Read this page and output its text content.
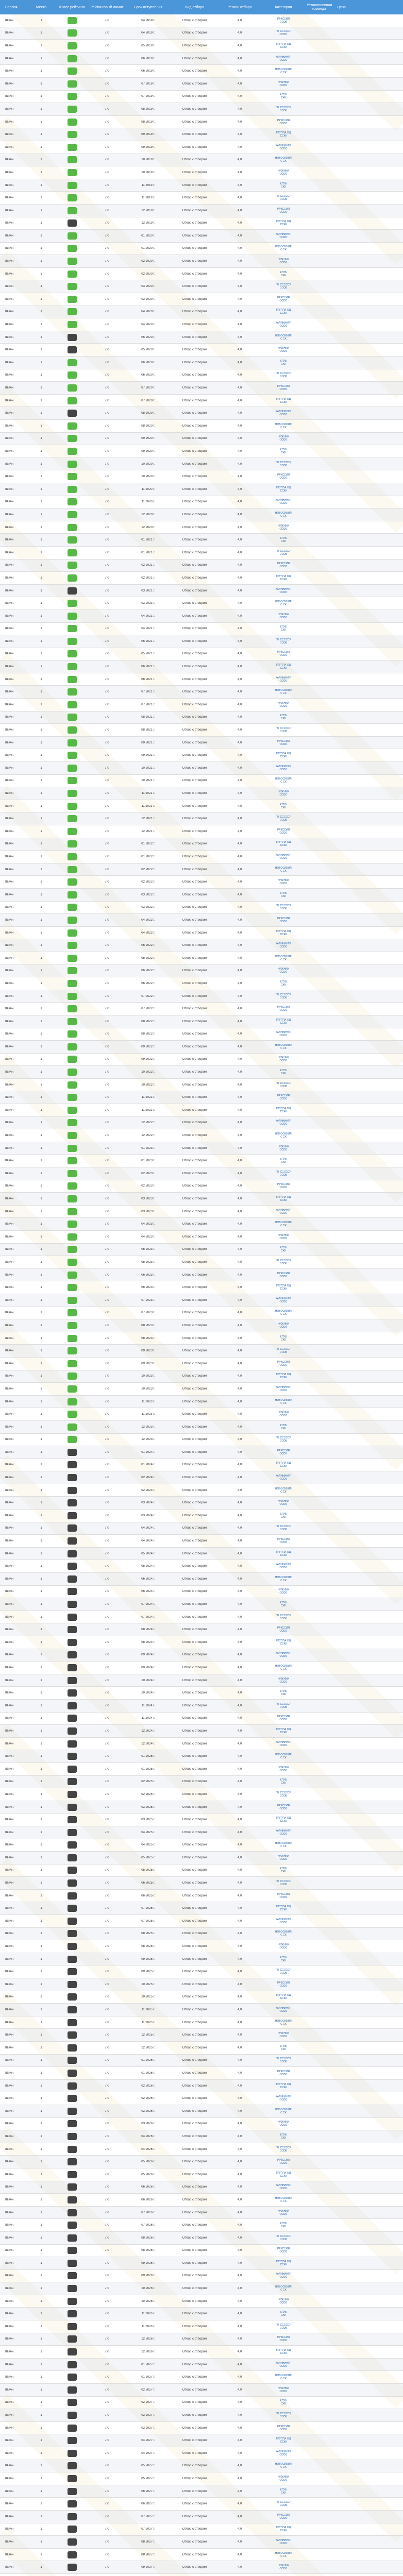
Версия	Место	Класс рейтинга	Рейтинговый лимит	Срок вступления	Вид отбора	Регион отбора	Категория	Установленная команда	Цена
8вячн	1	7,0	04.2019 г.	Отбор с отбором	4,0	РРКССИЯ
ССОБ
8вячн	1	7,0	04.2019 г.	Отбор с отбором	4,0	ГЛ. СССССР
ССОО
8вячн	1	7,0	05.2019 г.	Отбор с отбором	4,0	ГРУППА ОЦ
ССКК
8вячн	1	7,0	06.2019 г.	Отбор с отбором	4,0	КАЛИНИНГР.
ССОО
8вячн	1	7,0	06.2019 г.	Отбор с отбором	4,0	НОВОСИБИР.
С СК
8вячн	1	7,0	07.2019 г.	Отбор с отбором	4,0	НИЖНИЙ
ССОО
8вячн	1	7,0	07.2019 г.	Отбор с отбором	4,0	КЛУБ
СКК
8вячн	1	7,0	08.2019 г.	Отбор с отбором	4,0	ГЛ. СССССР
ССОБ
8вячн	1	7,0	08.2019 г.	Отбор с отбором	4,0	РРКССИЯ
ССОО
8вячн	1	7,0	09.2019 г.	Отбор с отбором	4,0	ГРУППА ОЦ
ССКК
8вячн	1	7,0	09.2019 г.	Отбор с отбором	4,0	КАЛИНИНГР.
ССОО
8вячн	1	7,0	10.2019 г.	Отбор с отбором	4,0	НОВОСИБИР.
С СК
8вячн	1	7,0	10.2019 г.	Отбор с отбором	4,0	НИЖНИЙ
ССОО
8вячн	1	7,0	11.2019 г.	Отбор с отбором	4,0	КЛУБ
СКК
8вячн	1	7,0	11.2019 г.	Отбор с отбором	4,0	ГЛ. СССССР
ССОБ
8вячн	1	7,0	12.2019 г.	Отбор с отбором	4,0	РРКССИЯ
ССОО
8вячн	1	7,0	12.2019 г.	Отбор с отбором	4,0	ГРУППА ОЦ
ССКК
8вячн	1	7,0	01.2020 г.	Отбор с отбором	4,0	КАЛИНИНГР.
ССОО
8вячн	1	7,0	01.2020 г.	Отбор с отбором	4,0	НОВОСИБИР.
С СК
8вячн	1	7,0	02.2020 г.	Отбор с отбором	4,0	НИЖНИЙ
ССОО
8вячн	1	7,0	02.2020 г.	Отбор с отбором	4,0	КЛУБ
СКК
8вячн	1	7,0	03.2020 г.	Отбор с отбором	4,0	ГЛ. СССССР
ССОБ
8вячн	1	7,0	03.2020 г.	Отбор с отбором	4,0	РРКССИЯ
ССОО
8вячн	1	7,0	04.2020 г.	Отбор с отбором	4,0	ГРУППА ОЦ
ССКК
8вячн	1	7,0	04.2020 г.	Отбор с отбором	4,0	КАЛИНИНГР.
ССОО
8вячн	1	7,0	05.2020 г.	Отбор с отбором	4,0	НОВОСИБИР.
С СК
8вячн	1	7,0	05.2020 г.	Отбор с отбором	4,0	НИЖНИЙ
ССОО
8вячн	1	7,0	06.2020 г.	Отбор с отбором	4,0	КЛУБ
СКК
8вячн	1	7,0	06.2020 г.	Отбор с отбором	4,0	ГЛ. СССССР
ССОБ
8вячн	1	7,0	07.2020 г.	Отбор с отбором	4,0	РРКССИЯ
ССОО
8вячн	1	7,0	07.2020 г.	Отбор с отбором	4,0	ГРУППА ОЦ
ССКК
8вячн	1	7,0	08.2020 г.	Отбор с отбором	4,0	КАЛИНИНГР.
ССОО
8вячн	1	7,0	08.2020 г.	Отбор с отбором	4,0	НОВОСИБИР.
С СК
8вячн	1	7,0	09.2020 г.	Отбор с отбором	4,0	НИЖНИЙ
ССОО
8вячн	1	7,0	09.2020 г.	Отбор с отбором	4,0	КЛУБ
СКК
8вячн	1	7,0	10.2020 г.	Отбор с отбором	4,0	ГЛ. СССССР
ССОБ
8вячн	1	7,0	10.2020 г.	Отбор с отбором	4,0	РРКССИЯ
ССОО
8вячн	1	7,0	11.2020 г.	Отбор с отбором	4,0	ГРУППА ОЦ
ССКК
8вячн	1	7,0	11.2020 г.	Отбор с отбором	4,0	КАЛИНИНГР.
ССОО
8вячн	1	7,0	12.2020 г.	Отбор с отбором	4,0	НОВОСИБИР.
С СК
8вячн	1	7,0	12.2020 г.	Отбор с отбором	4,0	НИЖНИЙ
ССОО
8вячн	1	7,0	01.2021 г.	Отбор с отбором	4,0	КЛУБ
СКК
8вячн	1	7,0	01.2021 г.	Отбор с отбором	4,0	ГЛ. СССССР
ССОБ
8вячн	1	7,0	02.2021 г.	Отбор с отбором	4,0	РРКССИЯ
ССОО
8вячн	1	7,0	02.2021 г.	Отбор с отбором	4,0	ГРУППА ОЦ
ССКК
8вячн	1	7,0	03.2021 г.	Отбор с отбором	4,0	КАЛИНИНГР.
ССОО
8вячн	1	7,0	03.2021 г.	Отбор с отбором	4,0	НОВОСИБИР.
С СК
8вячн	1	7,0	04.2021 г.	Отбор с отбором	4,0	НИЖНИЙ
ССОО
8вячн	1	7,0	04.2021 г.	Отбор с отбором	4,0	КЛУБ
СКК
8вячн	1	7,0	05.2021 г.	Отбор с отбором	4,0	ГЛ. СССССР
ССОБ
8вячн	1	7,0	05.2021 г.	Отбор с отбором	4,0	РРКССИЯ
ССОО
8вячн	1	7,0	06.2021 г.	Отбор с отбором	4,0	ГРУППА ОЦ
ССКК
8вячн	1	7,0	06.2021 г.	Отбор с отбором	4,0	КАЛИНИНГР.
ССОО
8вячн	1	7,0	07.2021 г.	Отбор с отбором	4,0	НОВОСИБИР.
С СК
8вячн	1	7,0	07.2021 г.	Отбор с отбором	4,0	НИЖНИЙ
ССОО
8вячн	1	7,0	08.2021 г.	Отбор с отбором	4,0	КЛУБ
СКК
8вячн	1	7,0	08.2021 г.	Отбор с отбором	4,0	ГЛ. СССССР
ССОБ
8вячн	1	7,0	09.2021 г.	Отбор с отбором	4,0	РРКССИЯ
ССОО
8вячн	1	7,0	09.2021 г.	Отбор с отбором	4,0	ГРУППА ОЦ
ССКК
8вячн	1	7,0	10.2021 г.	Отбор с отбором	4,0	КАЛИНИНГР.
ССОО
8вячн	1	7,0	10.2021 г.	Отбор с отбором	4,0	НОВОСИБИР.
С СК
8вячн	1	7,0	11.2021 г.	Отбор с отбором	4,0	НИЖНИЙ
ССОО
8вячн	1	7,0	11.2021 г.	Отбор с отбором	4,0	КЛУБ
СКК
8вячн	1	7,0	12.2021 г.	Отбор с отбором	4,0	ГЛ. СССССР
ССОБ
8вячн	1	7,0	12.2021 г.	Отбор с отбором	4,0	РРКССИЯ
ССОО
8вячн	1	7,0	01.2022 г.	Отбор с отбором	4,0	ГРУППА ОЦ
ССКК
8вячн	1	7,0	01.2022 г.	Отбор с отбором	4,0	КАЛИНИНГР.
ССОО
8вячн	1	7,0	02.2022 г.	Отбор с отбором	4,0	НОВОСИБИР.
С СК
8вячн	1	7,0	02.2022 г.	Отбор с отбором	4,0	НИЖНИЙ
ССОО
8вячн	1	7,0	03.2022 г.	Отбор с отбором	4,0	КЛУБ
СКК
8вячн	1	7,0	03.2022 г.	Отбор с отбором	4,0	ГЛ. СССССР
ССОБ
8вячн	1	7,0	04.2022 г.	Отбор с отбором	4,0	РРКССИЯ
ССОО
8вячн	1	7,0	04.2022 г.	Отбор с отбором	4,0	ГРУППА ОЦ
ССКК
8вячн	1	7,0	05.2022 г.	Отбор с отбором	4,0	КАЛИНИНГР.
ССОО
8вячн	1	7,0	05.2022 г.	Отбор с отбором	4,0	НОВОСИБИР.
С СК
8вячн	1	7,0	06.2022 г.	Отбор с отбором	4,0	НИЖНИЙ
ССОО
8вячн	1	7,0	06.2022 г.	Отбор с отбором	4,0	КЛУБ
СКК
8вячн	1	7,0	07.2022 г.	Отбор с отбором	4,0	ГЛ. СССССР
ССОБ
8вячн	1	7,0	07.2022 г.	Отбор с отбором	4,0	РРКССИЯ
ССОО
8вячн	1	7,0	08.2022 г.	Отбор с отбором	4,0	ГРУППА ОЦ
ССКК
8вячн	1	7,0	08.2022 г.	Отбор с отбором	4,0	КАЛИНИНГР.
ССОО
8вячн	1	7,0	09.2022 г.	Отбор с отбором	4,0	НОВОСИБИР.
С СК
8вячн	1	7,0	09.2022 г.	Отбор с отбором	4,0	НИЖНИЙ
ССОО
8вячн	1	7,0	10.2022 г.	Отбор с отбором	4,0	КЛУБ
СКК
8вячн	1	7,0	10.2022 г.	Отбор с отбором	4,0	ГЛ. СССССР
ССОБ
8вячн	1	7,0	11.2022 г.	Отбор с отбором	4,0	РРКССИЯ
ССОО
8вячн	1	7,0	11.2022 г.	Отбор с отбором	4,0	ГРУППА ОЦ
ССКК
8вячн	1	7,0	12.2022 г.	Отбор с отбором	4,0	КАЛИНИНГР.
ССОО
8вячн	1	7,0	12.2022 г.	Отбор с отбором	4,0	НОВОСИБИР.
С СК
8вячн	1	7,0	01.2023 г.	Отбор с отбором	4,0	НИЖНИЙ
ССОО
8вячн	1	7,0	01.2023 г.	Отбор с отбором	4,0	КЛУБ
СКК
8вячн	1	7,0	02.2023 г.	Отбор с отбором	4,0	ГЛ. СССССР
ССОБ
8вячн	1	7,0	02.2023 г.	Отбор с отбором	4,0	РРКССИЯ
ССОО
8вячн	1	7,0	03.2023 г.	Отбор с отбором	4,0	ГРУППА ОЦ
ССКК
8вячн	1	7,0	03.2023 г.	Отбор с отбором	4,0	КАЛИНИНГР.
ССОО
8вячн	1	7,0	04.2023 г.	Отбор с отбором	4,0	НОВОСИБИР.
С СК
8вячн	1	7,0	04.2023 г.	Отбор с отбором	4,0	НИЖНИЙ
ССОО
8вячн	1	7,0	05.2023 г.	Отбор с отбором	4,0	КЛУБ
СКК
8вячн	1	7,0	05.2023 г.	Отбор с отбором	4,0	ГЛ. СССССР
ССОБ
8вячн	1	7,0	06.2023 г.	Отбор с отбором	4,0	РРКССИЯ
ССОО
8вячн	1	7,0	06.2023 г.	Отбор с отбором	4,0	ГРУППА ОЦ
ССКК
8вячн	1	7,0	07.2023 г.	Отбор с отбором	4,0	КАЛИНИНГР.
ССОО
8вячн	1	7,0	07.2023 г.	Отбор с отбором	4,0	НОВОСИБИР.
С СК
8вячн	1	7,0	08.2023 г.	Отбор с отбором	4,0	НИЖНИЙ
ССОО
8вячн	1	7,0	08.2023 г.	Отбор с отбором	4,0	КЛУБ
СКК
8вячн	1	7,0	09.2023 г.	Отбор с отбором	4,0	ГЛ. СССССР
ССОБ
8вячн	1	7,0	09.2023 г.	Отбор с отбором	4,0	РРКССИЯ
ССОО
8вячн	1	7,0	10.2023 г.	Отбор с отбором	4,0	ГРУППА ОЦ
ССКК
8вячн	1	7,0	10.2023 г.	Отбор с отбором	4,0	КАЛИНИНГР.
ССОО
8вячн	1	7,0	11.2023 г.	Отбор с отбором	4,0	НОВОСИБИР.
С СК
8вячн	1	7,0	11.2023 г.	Отбор с отбором	4,0	НИЖНИЙ
ССОО
8вячн	1	7,0	12.2023 г.	Отбор с отбором	4,0	КЛУБ
СКК
8вячн	1	7,0	12.2023 г.	Отбор с отбором	4,0	ГЛ. СССССР
ССОБ
8вячн	1	7,0	01.2024 г.	Отбор с отбором	4,0	РРКССИЯ
ССОО
8вячн	1	7,0	01.2024 г.	Отбор с отбором	4,0	ГРУППА ОЦ
ССКК
8вячн	1	7,0	02.2024 г.	Отбор с отбором	4,0	КАЛИНИНГР.
ССОО
8вячн	1	7,0	02.2024 г.	Отбор с отбором	4,0	НОВОСИБИР.
С СК
8вячн	1	7,0	03.2024 г.	Отбор с отбором	4,0	НИЖНИЙ
ССОО
8вячн	1	7,0	03.2024 г.	Отбор с отбором	4,0	КЛУБ
СКК
8вячн	1	7,0	04.2024 г.	Отбор с отбором	4,0	ГЛ. СССССР
ССОБ
8вячн	1	7,0	04.2024 г.	Отбор с отбором	4,0	РРКССИЯ
ССОО
8вячн	1	7,0	05.2024 г.	Отбор с отбором	4,0	ГРУППА ОЦ
ССКК
8вячн	1	7,0	05.2024 г.	Отбор с отбором	4,0	КАЛИНИНГР.
ССОО
8вячн	1	7,0	06.2024 г.	Отбор с отбором	4,0	НОВОСИБИР.
С СК
8вячн	1	7,0	06.2024 г.	Отбор с отбором	4,0	НИЖНИЙ
ССОО
8вячн	1	7,0	07.2024 г.	Отбор с отбором	4,0	КЛУБ
СКК
8вячн	1	7,0	07.2024 г.	Отбор с отбором	4,0	ГЛ. СССССР
ССОБ
8вячн	1	7,0	08.2024 г.	Отбор с отбором	4,0	РРКССИЯ
ССОО
8вячн	1	7,0	08.2024 г.	Отбор с отбором	4,0	ГРУППА ОЦ
ССКК
8вячн	1	7,0	09.2024 г.	Отбор с отбором	4,0	КАЛИНИНГР.
ССОО
8вячн	1	7,0	09.2024 г.	Отбор с отбором	4,0	НОВОСИБИР.
С СК
8вячн	1	7,0	10.2024 г.	Отбор с отбором	4,0	НИЖНИЙ
ССОО
8вячн	1	7,0	10.2024 г.	Отбор с отбором	4,0	КЛУБ
СКК
8вячн	1	7,0	11.2024 г.	Отбор с отбором	4,0	ГЛ. СССССР
ССОБ
8вячн	1	7,0	11.2024 г.	Отбор с отбором	4,0	РРКССИЯ
ССОО
8вячн	1	7,0	12.2024 г.	Отбор с отбором	4,0	ГРУППА ОЦ
ССКК
8вячн	1	7,0	12.2024 г.	Отбор с отбором	4,0	КАЛИНИНГР.
ССОО
8вячн	1	7,0	01.2025 г.	Отбор с отбором	4,0	НОВОСИБИР.
С СК
8вячн	1	7,0	01.2025 г.	Отбор с отбором	4,0	НИЖНИЙ
ССОО
8вячн	1	7,0	02.2025 г.	Отбор с отбором	4,0	КЛУБ
СКК
8вячн	1	7,0	02.2025 г.	Отбор с отбором	4,0	ГЛ. СССССР
ССОБ
8вячн	1	7,0	03.2025 г.	Отбор с отбором	4,0	РРКССИЯ
ССОО
8вячн	1	7,0	03.2025 г.	Отбор с отбором	4,0	ГРУППА ОЦ
ССКК
8вячн	1	7,0	04.2025 г.	Отбор с отбором	4,0	КАЛИНИНГР.
ССОО
8вячн	1	7,0	04.2025 г.	Отбор с отбором	4,0	НОВОСИБИР.
С СК
8вячн	1	7,0	05.2025 г.	Отбор с отбором	4,0	НИЖНИЙ
ССОО
8вячн	1	7,0	05.2025 г.	Отбор с отбором	4,0	КЛУБ
СКК
8вячн	1	7,0	06.2025 г.	Отбор с отбором	4,0	ГЛ. СССССР
ССОБ
8вячн	1	7,0	06.2025 г.	Отбор с отбором	4,0	РРКССИЯ
ССОО
8вячн	1	7,0	07.2025 г.	Отбор с отбором	4,0	ГРУППА ОЦ
ССКК
8вячн	1	7,0	07.2025 г.	Отбор с отбором	4,0	КАЛИНИНГР.
ССОО
8вячн	1	7,0	08.2025 г.	Отбор с отбором	4,0	НОВОСИБИР.
С СК
8вячн	1	7,0	08.2025 г.	Отбор с отбором	4,0	НИЖНИЙ
ССОО
8вячн	1	7,0	09.2025 г.	Отбор с отбором	4,0	КЛУБ
СКК
8вячн	1	7,0	09.2025 г.	Отбор с отбором	4,0	ГЛ. СССССР
ССОБ
8вячн	1	7,0	10.2025 г.	Отбор с отбором	4,0	РРКССИЯ
ССОО
8вячн	1	7,0	10.2025 г.	Отбор с отбором	4,0	ГРУППА ОЦ
ССКК
8вячн	1	7,0	11.2025 г.	Отбор с отбором	4,0	КАЛИНИНГР.
ССОО
8вячн	1	7,0	11.2025 г.	Отбор с отбором	4,0	НОВОСИБИР.
С СК
8вячн	1	7,0	12.2025 г.	Отбор с отбором	4,0	НИЖНИЙ
ССОО
8вячн	1	7,0	12.2025 г.	Отбор с отбором	4,0	КЛУБ
СКК
8вячн	1	7,0	01.2026 г.	Отбор с отбором	4,0	ГЛ. СССССР
ССОБ
8вячн	1	7,0	01.2026 г.	Отбор с отбором	4,0	РРКССИЯ
ССОО
8вячн	1	7,0	02.2026 г.	Отбор с отбором	4,0	ГРУППА ОЦ
ССКК
8вячн	1	7,0	02.2026 г.	Отбор с отбором	4,0	КАЛИНИНГР.
ССОО
8вячн	1	7,0	03.2026 г.	Отбор с отбором	4,0	НОВОСИБИР.
С СК
8вячн	1	7,0	03.2026 г.	Отбор с отбором	4,0	НИЖНИЙ
ССОО
8вячн	1	7,0	04.2026 г.	Отбор с отбором	4,0	КЛУБ
СКК
8вячн	1	7,0	04.2026 г.	Отбор с отбором	4,0	ГЛ. СССССР
ССОБ
8вячн	1	7,0	05.2026 г.	Отбор с отбором	4,0	РРКССИЯ
ССОО
8вячн	1	7,0	05.2026 г.	Отбор с отбором	4,0	ГРУППА ОЦ
ССКК
8вячн	1	7,0	06.2026 г.	Отбор с отбором	4,0	КАЛИНИНГР.
ССОО
8вячн	1	7,0	06.2026 г.	Отбор с отбором	4,0	НОВОСИБИР.
С СК
8вячн	1	7,0	07.2026 г.	Отбор с отбором	4,0	НИЖНИЙ
ССОО
8вячн	1	7,0	07.2026 г.	Отбор с отбором	4,0	КЛУБ
СКК
8вячн	1	7,0	08.2026 г.	Отбор с отбором	4,0	ГЛ. СССССР
ССОБ
8вячн	1	7,0	08.2026 г.	Отбор с отбором	4,0	РРКССИЯ
ССОО
8вячн	1	7,0	09.2026 г.	Отбор с отбором	4,0	ГРУППА ОЦ
ССКК
8вячн	1	7,0	09.2026 г.	Отбор с отбором	4,0	КАЛИНИНГР.
ССОО
8вячн	1	7,0	10.2026 г.	Отбор с отбором	4,0	НОВОСИБИР.
С СК
8вячн	1	7,0	10.2026 г.	Отбор с отбором	4,0	НИЖНИЙ
ССОО
8вячн	1	7,0	11.2026 г.	Отбор с отбором	4,0	КЛУБ
СКК
8вячн	1	7,0	11.2026 г.	Отбор с отбором	4,0	ГЛ. СССССР
ССОБ
8вячн	1	7,0	12.2026 г.	Отбор с отбором	4,0	РРКССИЯ
ССОО
8вячн	1	7,0	12.2026 г.	Отбор с отбором	4,0	ГРУППА ОЦ
ССКК
8вячн	1	7,0	01.2027 г.	Отбор с отбором	4,0	КАЛИНИНГР.
ССОО
8вячн	1	7,0	01.2027 г.	Отбор с отбором	4,0	НОВОСИБИР.
С СК
8вячн	1	7,0	02.2027 г.	Отбор с отбором	4,0	НИЖНИЙ
ССОО
8вячн	1	7,0	02.2027 г.	Отбор с отбором	4,0	КЛУБ
СКК
8вячн	1	7,0	03.2027 г.	Отбор с отбором	4,0	ГЛ. СССССР
ССОБ
8вячн	1	7,0	03.2027 г.	Отбор с отбором	4,0	РРКССИЯ
ССОО
8вячн	1	7,0	04.2027 г.	Отбор с отбором	4,0	ГРУППА ОЦ
ССКК
8вячн	1	7,0	04.2027 г.	Отбор с отбором	4,0	КАЛИНИНГР.
ССОО
8вячн	1	7,0	05.2027 г.	Отбор с отбором	4,0	НОВОСИБИР.
С СК
8вячн	1	7,0	05.2027 г.	Отбор с отбором	4,0	НИЖНИЙ
ССОО
8вячн	1	7,0	06.2027 г.	Отбор с отбором	4,0	КЛУБ
СКК
8вячн	1	7,0	06.2027 г.	Отбор с отбором	4,0	ГЛ. СССССР
ССОБ
8вячн	1	7,0	07.2027 г.	Отбор с отбором	4,0	РРКССИЯ
ССОО
8вячн	1	7,0	07.2027 г.	Отбор с отбором	4,0	ГРУППА ОЦ
ССКК
8вячн	1	7,0	08.2027 г.	Отбор с отбором	4,0	КАЛИНИНГР.
ССОО
8вячн	1	7,0	08.2027 г.	Отбор с отбором	4,0	НОВОСИБИР.
С СК
8вячн	1	7,0	09.2027 г.	Отбор с отбором	4,0	НИЖНИЙ
ССОО
